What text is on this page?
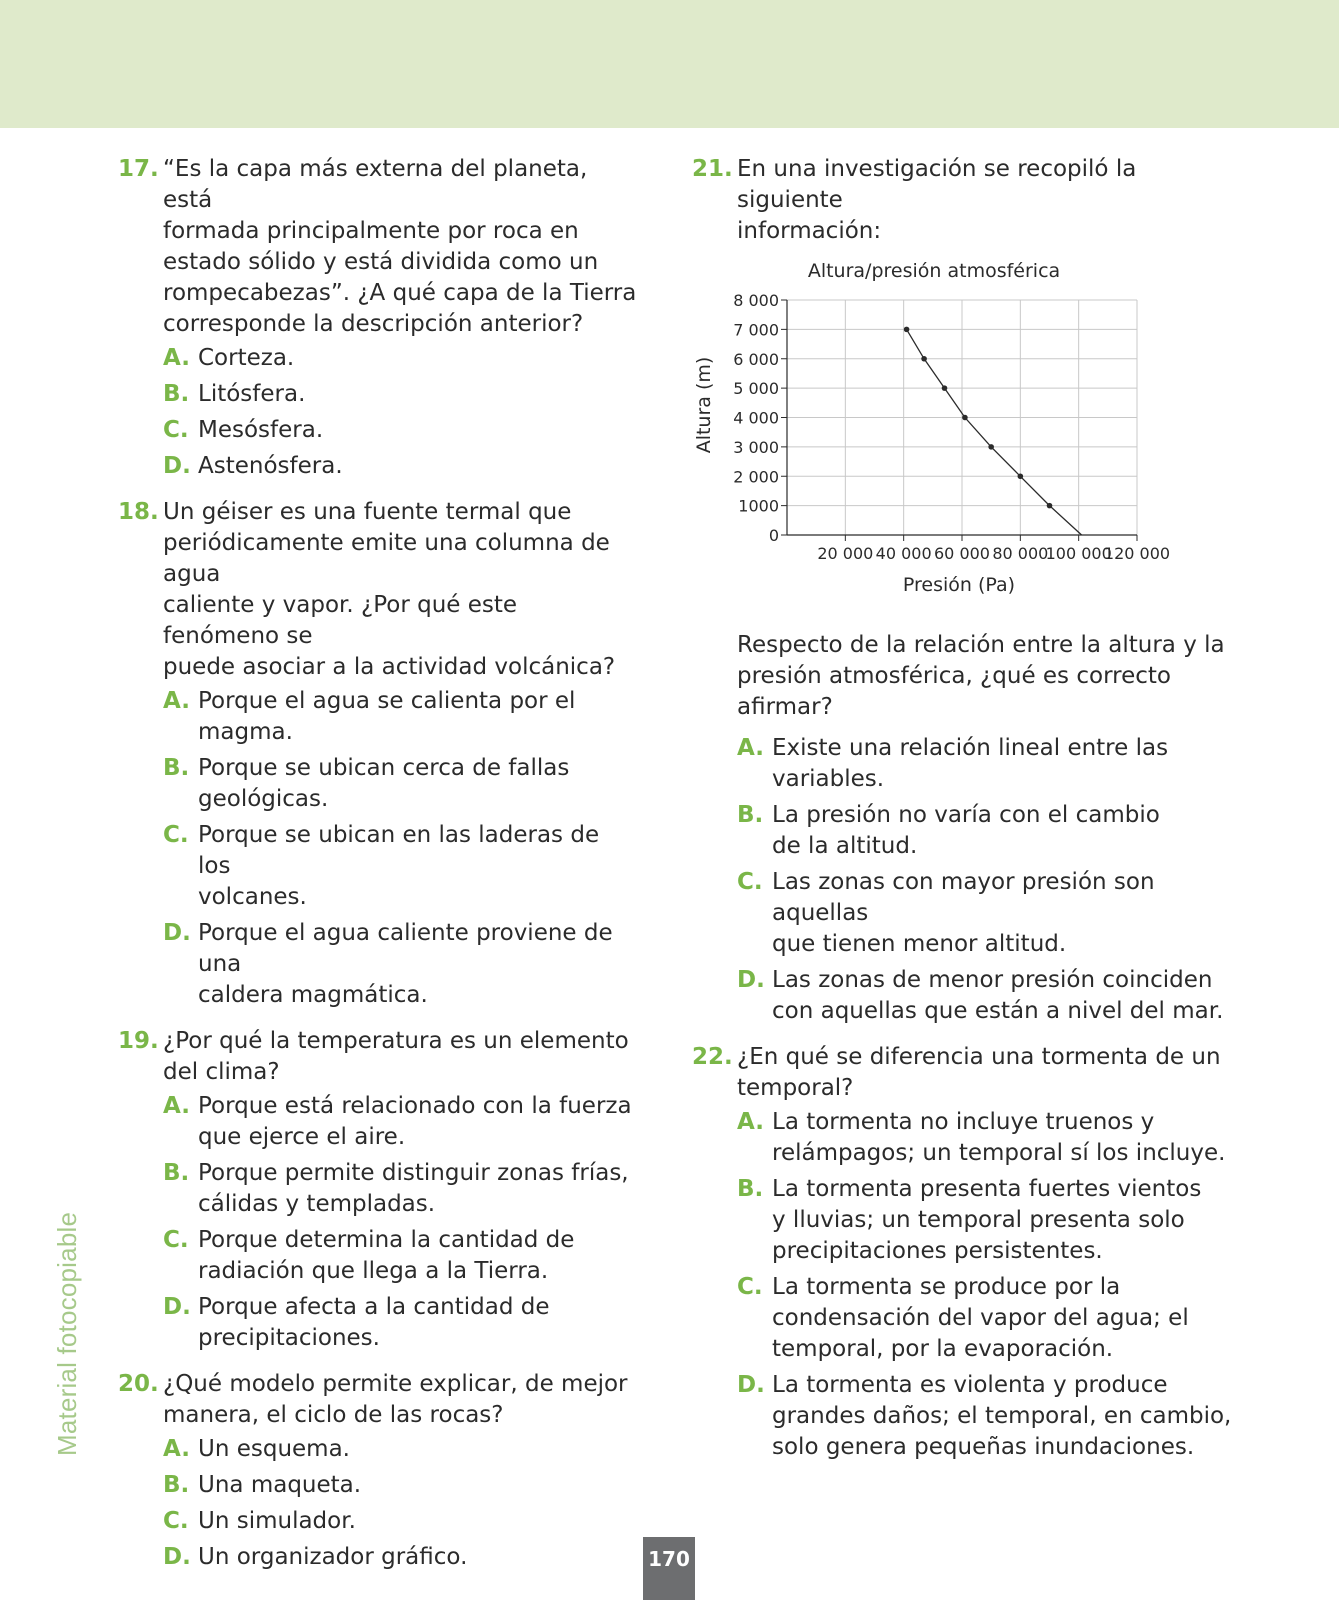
Material fotocopiable
17. “Es la capa más externa del planeta, está
formada principalmente por roca en
estado sólido y está dividida como un
rompecabezas”. ¿A qué capa de la Tierra
corresponde la descripción anterior?
A. Corteza.
B. Litósfera.
C. Mesósfera.
D. Astenósfera.
18. Un géiser es una fuente termal que
periódicamente emite una columna de agua
caliente y vapor. ¿Por qué este fenómeno se
puede asociar a la actividad volcánica?
A. Porque el agua se calienta por el magma.
B. Porque se ubican cerca de fallas
geológicas.
C. Porque se ubican en las laderas de los
volcanes.
D. Porque el agua caliente proviene de una
caldera magmática.
19. ¿Por qué la temperatura es un elemento
del clima?
A. Porque está relacionado con la fuerza
que ejerce el aire.
B. Porque permite distinguir zonas frías,
cálidas y templadas.
C. Porque determina la cantidad de
radiación que llega a la Tierra.
D. Porque afecta a la cantidad de
precipitaciones.
20. ¿Qué modelo permite explicar, de mejor
manera, el ciclo de las rocas?
A. Un esquema.
B. Una maqueta.
C. Un simulador.
D. Un organizador gráfico.
21. En una investigación se recopiló la siguiente
información:
Altura/presión atmosférica
0
1000
2 000
3 000
4 000
5 000
6 000
7 000
8 000
20 000 40 000 60 000 80 000
100 000
120 000
Presión (Pa)
Altura (m)
Respecto de la relación entre la altura y la
presión atmosférica, ¿qué es correcto afirmar?
A. Existe una relación lineal entre las
variables.
B. La presión no varía con el cambio
de la altitud.
C. Las zonas con mayor presión son aquellas
que tienen menor altitud.
D. Las zonas de menor presión coinciden
con aquellas que están a nivel del mar.
22. ¿En qué se diferencia una tormenta de un
temporal?
A. La tormenta no incluye truenos y
relámpagos; un temporal sí los incluye.
B. La tormenta presenta fuertes vientos
y lluvias; un temporal presenta solo
precipitaciones persistentes.
C. La tormenta se produce por la
condensación del vapor del agua; el
temporal, por la evaporación.
D. La tormenta es violenta y produce
grandes daños; el temporal, en cambio,
solo genera pequeñas inundaciones.
170
